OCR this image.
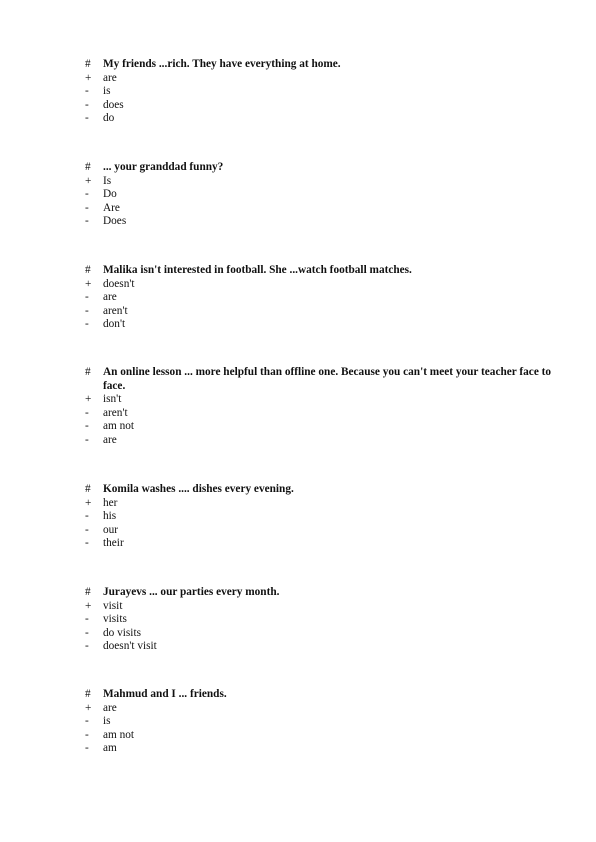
#	My friends ...rich. They have everything at home.
+	are
-	is
-	does
-	do
#	... your granddad funny?
+	Is
-	Do
-	Are
-	Does
#	Malika isn't interested in football. She ...watch football matches.
+	doesn't
-	are
-	aren't
-	don't
#	An online lesson ... more helpful than offline one. Because you can't meet your teacher face to face.
+	isn't
-	aren't
-	am not
-	are
#	Komila washes .... dishes every evening.
+	her
-	his
-	our
-	their
#	Jurayevs ... our parties every month.
+	visit
-	visits
-	do visits
-	doesn't visit
#	Mahmud and I ... friends.
+	are
-	is
-	am not
-	am
